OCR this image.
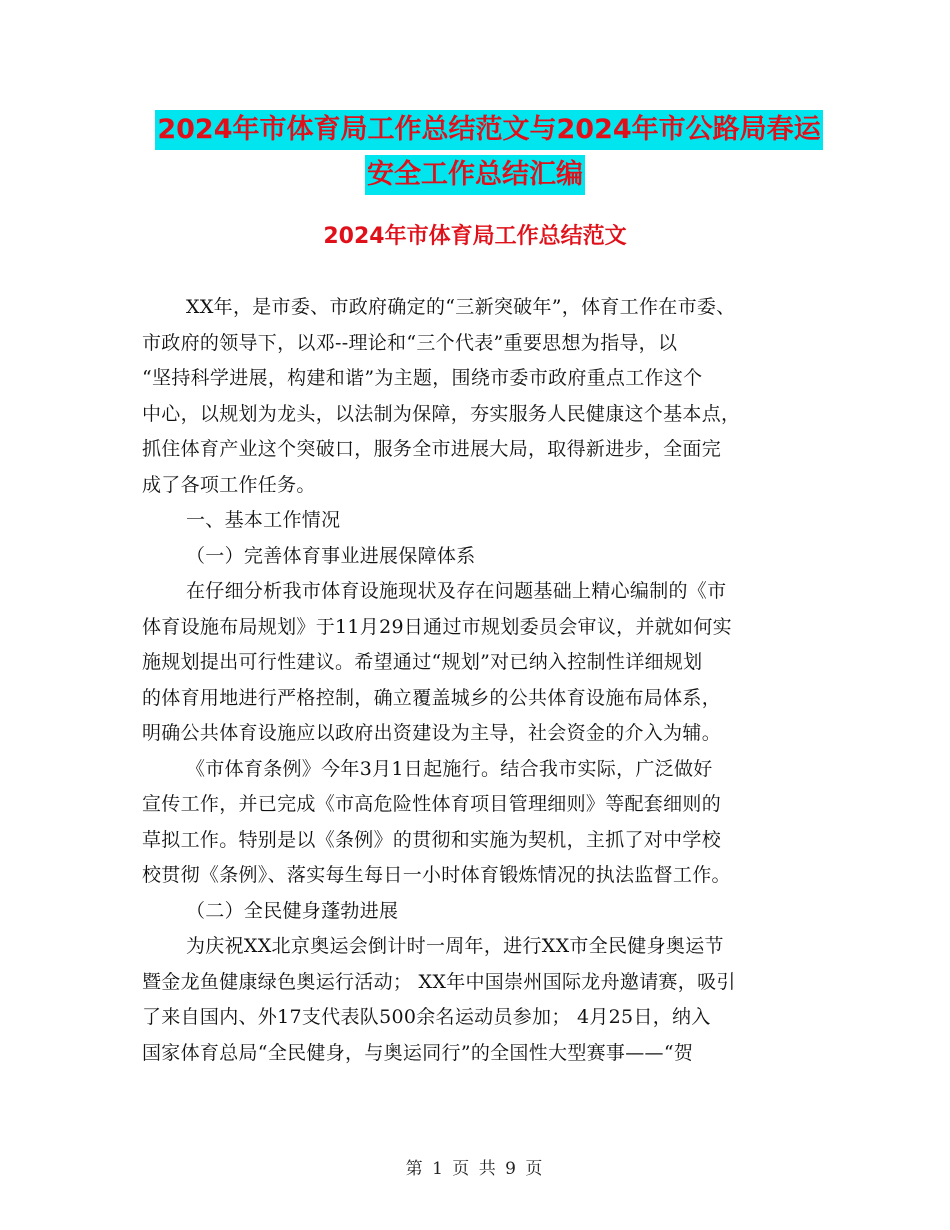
2024年市体育局工作总结范文与2024年市公路局春运
安全工作总结汇编
2024年市体育局工作总结范文
XX年，是市委、市政府确定的“三新突破年”，体育工作在市委、
市政府的领导下，以邓--理论和“三个代表”重要思想为指导，以
“坚持科学进展，构建和谐”为主题，围绕市委市政府重点工作这个
中心，以规划为龙头，以法制为保障，夯实服务人民健康这个基本点，
抓住体育产业这个突破口，服务全市进展大局，取得新进步，全面完
成了各项工作任务。
一、基本工作情况
（一）完善体育事业进展保障体系
在仔细分析我市体育设施现状及存在问题基础上精心编制的《市
体育设施布局规划》于11月29日通过市规划委员会审议，并就如何实
施规划提出可行性建议。希望通过“规划”对已纳入控制性详细规划
的体育用地进行严格控制，确立覆盖城乡的公共体育设施布局体系，
明确公共体育设施应以政府出资建设为主导，社会资金的介入为辅。
《市体育条例》今年3月1日起施行。结合我市实际，广泛做好
宣传工作，并已完成《市高危险性体育项目管理细则》等配套细则的
草拟工作。特别是以《条例》的贯彻和实施为契机，主抓了对中学校
校贯彻《条例》、落实每生每日一小时体育锻炼情况的执法监督工作。
（二）全民健身蓬勃进展
为庆祝XX北京奥运会倒计时一周年，进行XX市全民健身奥运节
暨金龙鱼健康绿色奥运行活动； XX年中国崇州国际龙舟邀请赛，吸引
了来自国内、外17支代表队500余名运动员参加； 4月25日，纳入
国家体育总局“全民健身，与奥运同行”的全国性大型赛事——“贺
第 1 页 共 9 页
